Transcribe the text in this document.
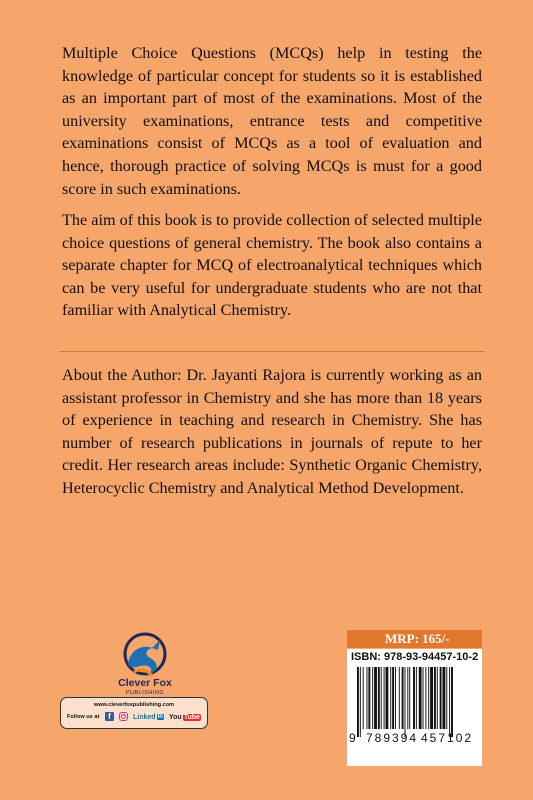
Multiple Choice Questions (MCQs) help in testing the knowledge of particular concept for students so it is established as an important part of most of the examinations. Most of the university examinations, entrance tests and competitive examinations consist of MCQs as a tool of evaluation and hence, thorough practice of solving MCQs is must for a good score in such examinations.
The aim of this book is to provide collection of selected multiple choice questions of general chemistry. The book also contains a separate chapter for MCQ of electroanalytical techniques which can be very useful for undergraduate students who are not that familiar with Analytical Chemistry.
About the Author: Dr. Jayanti Rajora is currently working as an assistant professor in Chemistry and she has more than 18 years of experience in teaching and research in Chemistry. She has number of research publications in journals of repute to her credit. Her research areas include: Synthetic Organic Chemistry, Heterocyclic Chemistry and Analytical Method Development.
Clever Fox
PUBLISHING
www.cleverfoxpublishing.com
Follow us at	f	Linked in You Tube
MRP: 165/-
ISBN: 978-93-94457-10-2
9 789394 457102
